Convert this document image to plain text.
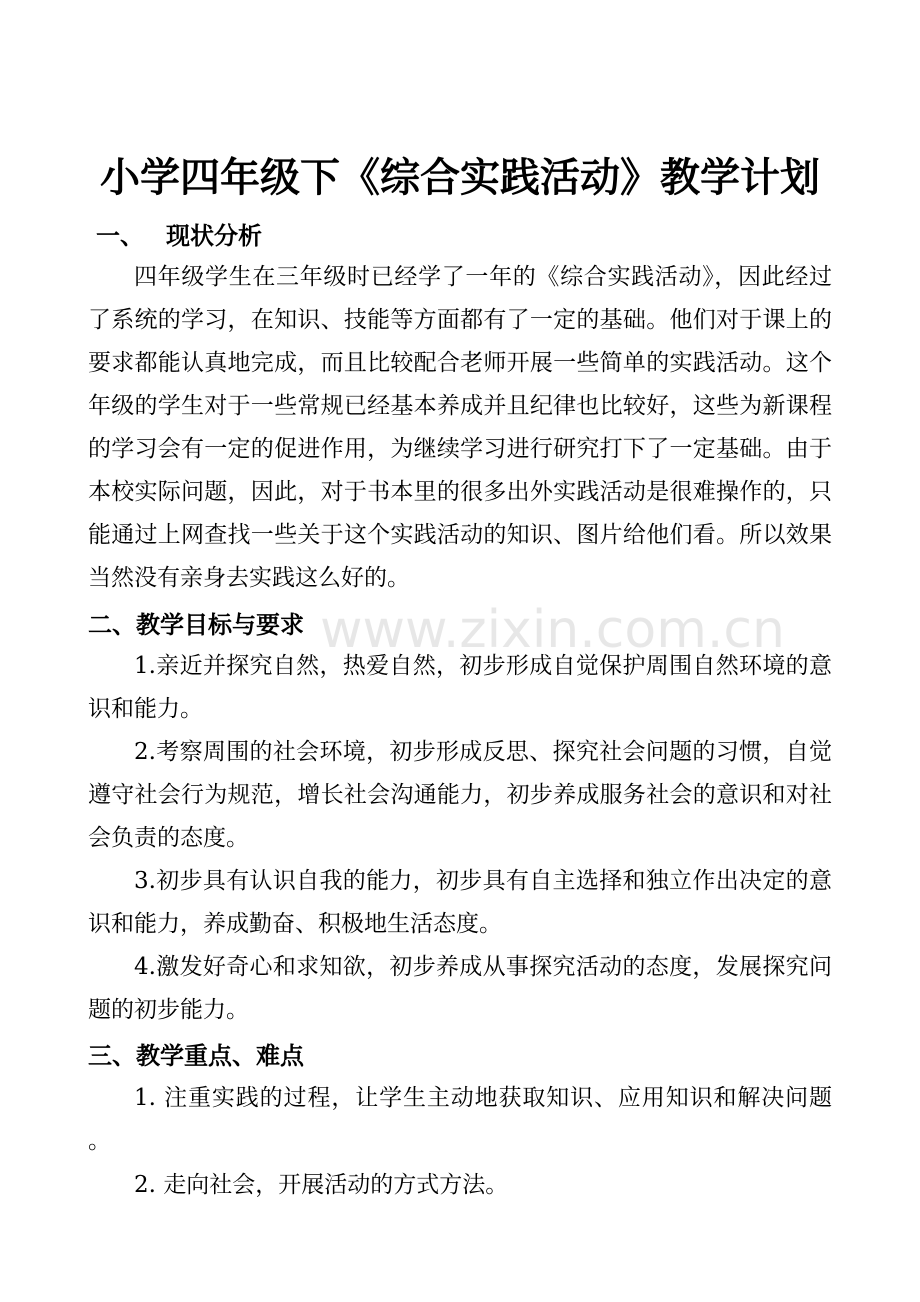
小学四年级下《综合实践活动》教学计划
一、 现状分析
四年级学生在三年级时已经学了一年的《综合实践活动》，因此经过了系统的学习，在知识、技能等方面都有了一定的基础。他们对于课上的要求都能认真地完成，而且比较配合老师开展一些简单的实践活动。这个年级的学生对于一些常规已经基本养成并且纪律也比较好，这些为新课程的学习会有一定的促进作用，为继续学习进行研究打下了一定基础。由于本校实际问题，因此，对于书本里的很多出外实践活动是很难操作的，只能通过上网查找一些关于这个实践活动的知识、图片给他们看。所以效果当然没有亲身去实践这么好的。
www.zixin.com.cn
二、教学目标与要求
1.亲近并探究自然，热爱自然，初步形成自觉保护周围自然环境的意识和能力。
2.考察周围的社会环境，初步形成反思、探究社会问题的习惯，自觉遵守社会行为规范，增长社会沟通能力，初步养成服务社会的意识和对社会负责的态度。
3.初步具有认识自我的能力，初步具有自主选择和独立作出决定的意识和能力，养成勤奋、积极地生活态度。
4.激发好奇心和求知欲，初步养成从事探究活动的态度，发展探究问题的初步能力。
三、教学重点、难点
1. 注重实践的过程，让学生主动地获取知识、应用知识和解决问题 。
2. 走向社会，开展活动的方式方法。
